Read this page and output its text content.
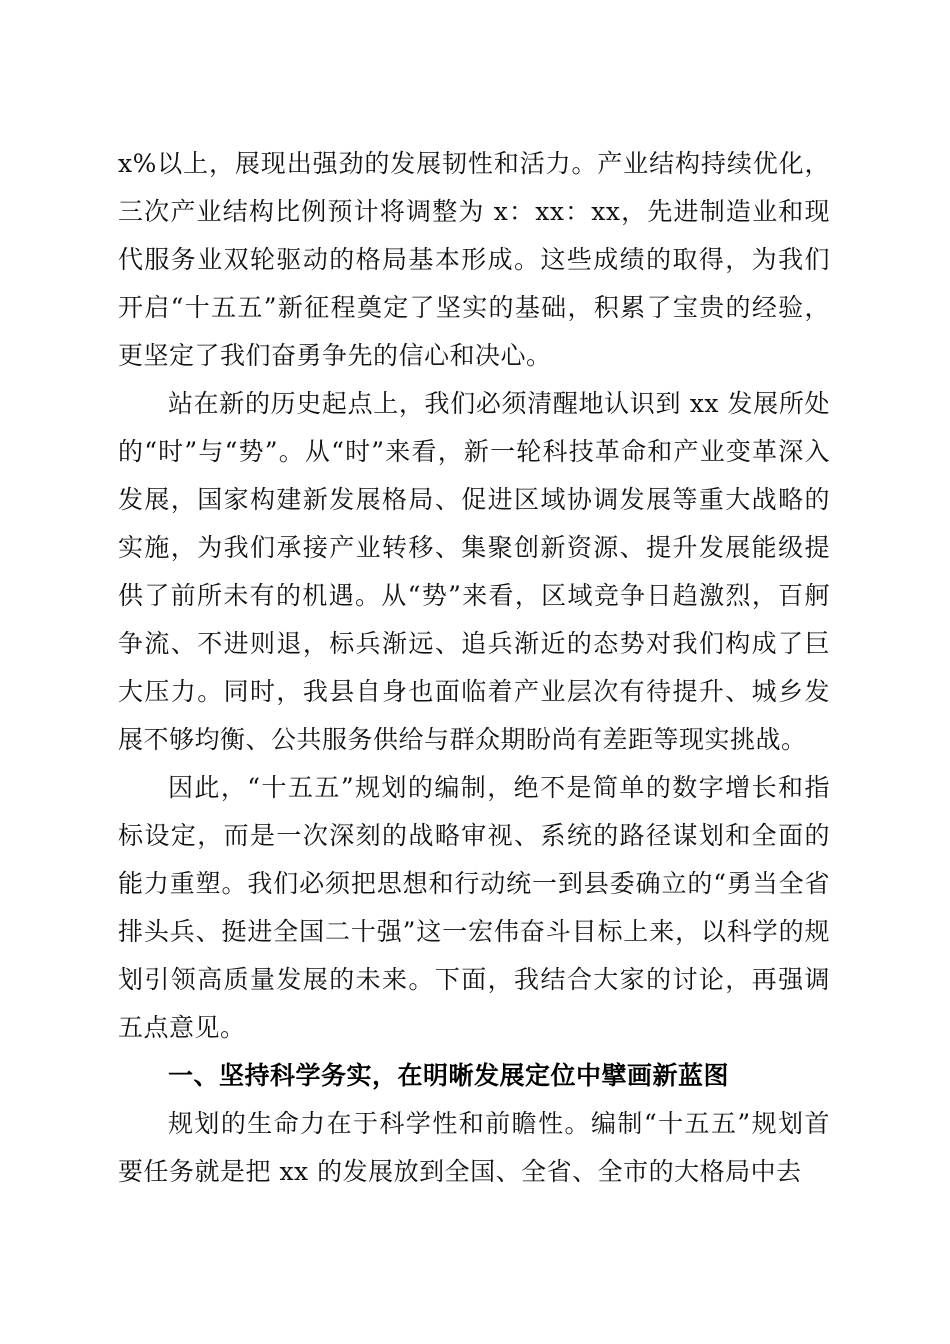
x%以上，展现出强劲的发展韧性和活力。产业结构持续优化，三次产业结构比例预计将调整为 x：xx：xx，先进制造业和现代服务业双轮驱动的格局基本形成。这些成绩的取得，为我们开启“十五五”新征程奠定了坚实的基础，积累了宝贵的经验，更坚定了我们奋勇争先的信心和决心。

站在新的历史起点上，我们必须清醒地认识到 xx 发展所处的“时”与“势”。从“时”来看，新一轮科技革命和产业变革深入发展，国家构建新发展格局、促进区域协调发展等重大战略的实施，为我们承接产业转移、集聚创新资源、提升发展能级提供了前所未有的机遇。从“势”来看，区域竞争日趋激烈，百舸争流、不进则退，标兵渐远、追兵渐近的态势对我们构成了巨大压力。同时，我县自身也面临着产业层次有待提升、城乡发展不够均衡、公共服务供给与群众期盼尚有差距等现实挑战。

因此，“十五五”规划的编制，绝不是简单的数字增长和指标设定，而是一次深刻的战略审视、系统的路径谋划和全面的能力重塑。我们必须把思想和行动统一到县委确立的“勇当全省排头兵、挺进全国二十强”这一宏伟奋斗目标上来，以科学的规划引领高质量发展的未来。下面，我结合大家的讨论，再强调五点意见。

一、坚持科学务实，在明晰发展定位中擘画新蓝图

规划的生命力在于科学性和前瞻性。编制“十五五”规划首要任务就是把 xx 的发展放到全国、全省、全市的大格局中去
